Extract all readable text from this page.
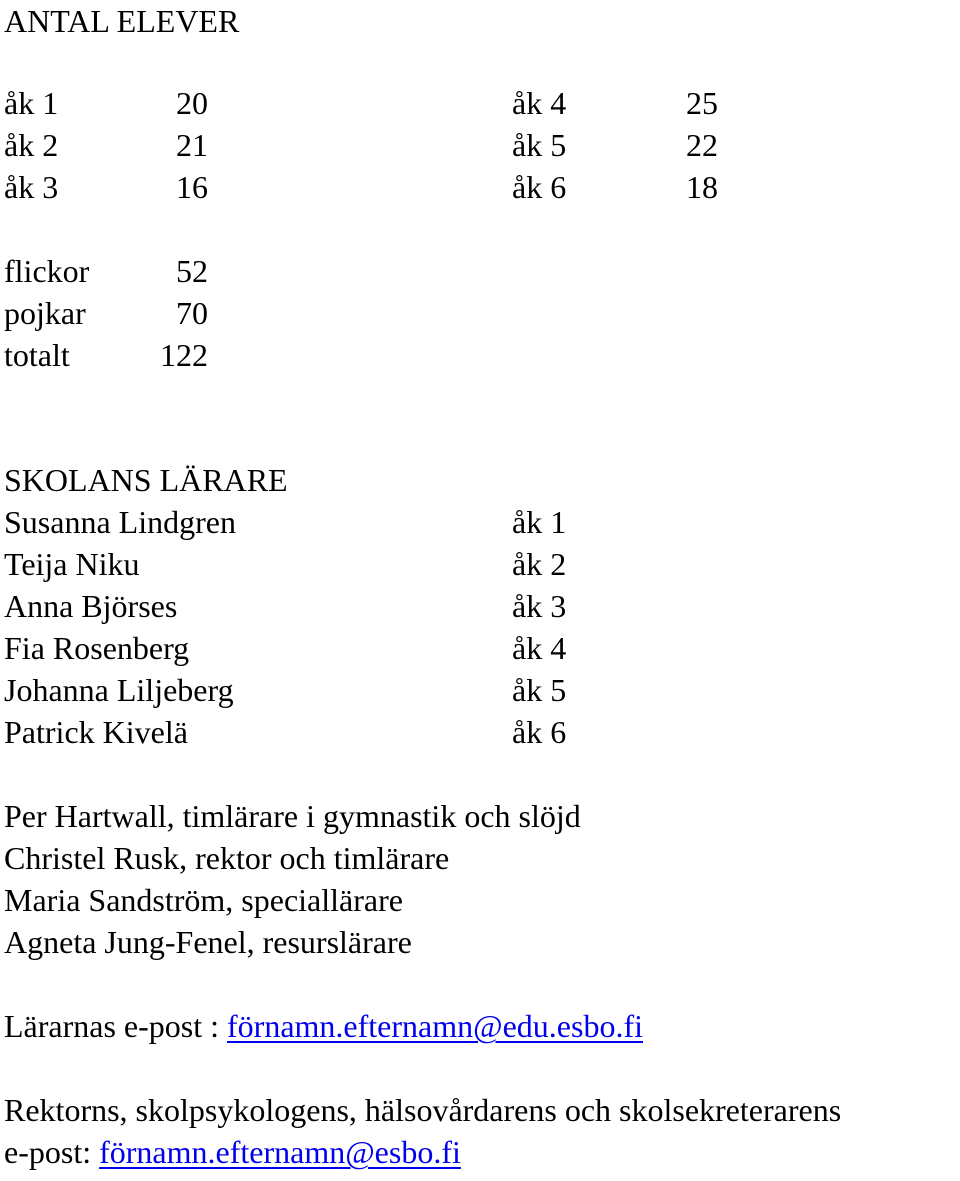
ANTAL ELEVER
åk 1	20	åk 4	25
åk 2	21	åk 5	22
åk 3	16	åk 6	18
flickor	52
pojkar	70
totalt	122
SKOLANS LÄRARE
Susanna Lindgren	åk 1
Teija Niku	åk 2
Anna Björses	åk 3
Fia Rosenberg	åk 4
Johanna Liljeberg	åk 5
Patrick Kivelä	åk 6
Per Hartwall, timlärare i gymnastik och slöjd
Christel Rusk, rektor och timlärare
Maria Sandström, speciallärare
Agneta Jung-Fenel, resurslärare
Lärarnas e-post : förnamn.efternamn@edu.esbo.fi
Rektorns, skolpsykologens, hälsovårdarens och skolsekreterarens
e-post: förnamn.efternamn@esbo.fi
